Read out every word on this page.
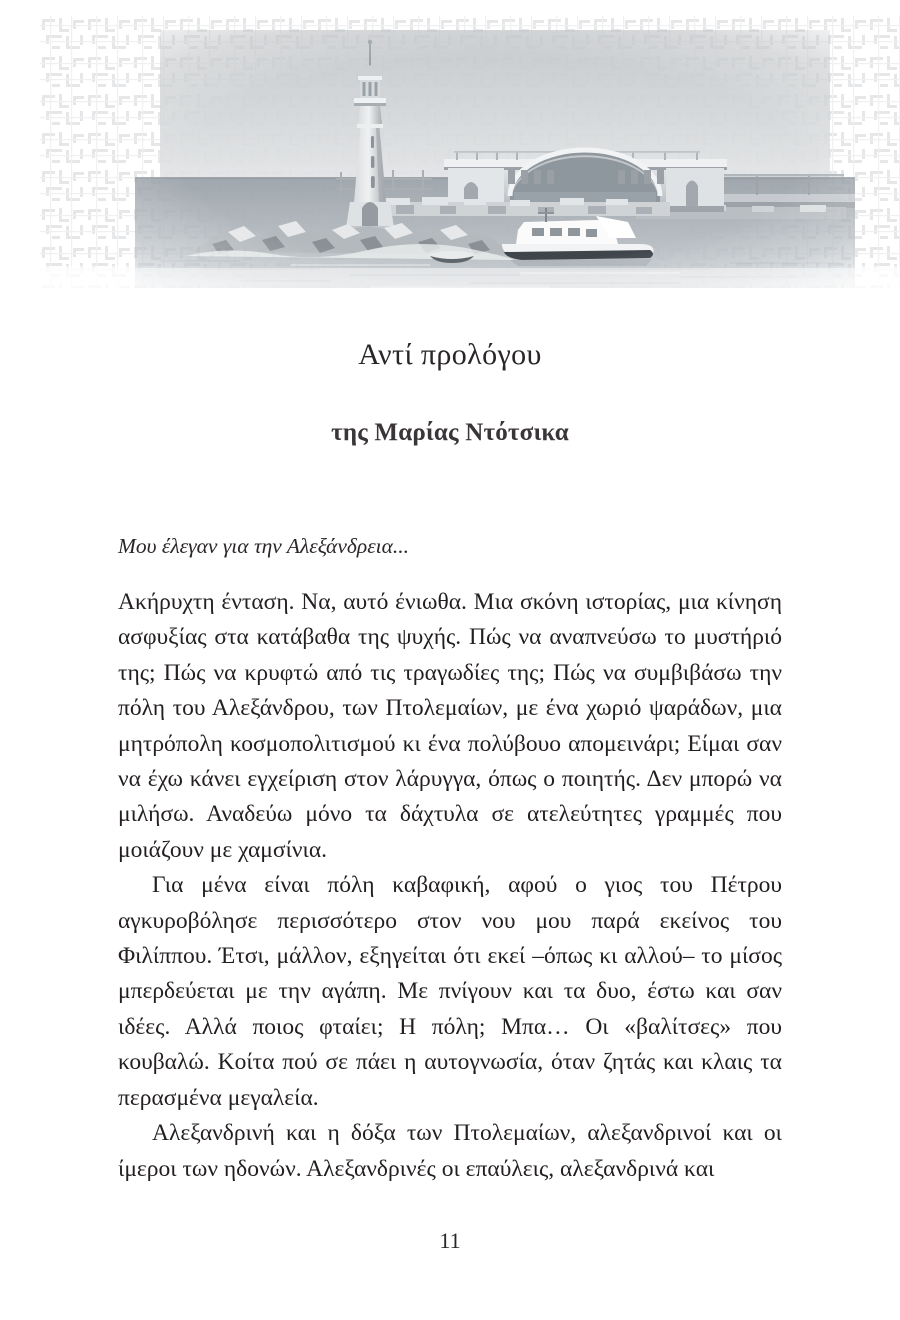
Αντί προλόγου
της Μαρίας Ντότσικα

Μου έλεγαν για την Αλεξάνδρεια...

Ακήρυχτη ένταση. Να, αυτό ένιωθα. Μια σκόνη ιστορίας, μια κίνηση ασφυξίας στα κατάβαθα της ψυχής. Πώς να αναπνεύσω το μυστήριό της; Πώς να κρυφτώ από τις τραγωδίες της; Πώς να συμβιβάσω την πόλη του Αλεξάνδρου, των Πτολεμαίων, με ένα χωριό ψαράδων, μια μητρόπολη κοσμοπολιτισμού κι ένα πολύβουο απομεινάρι; Είμαι σαν να έχω κάνει εγχείριση στον λάρυγγα, όπως ο ποιητής. Δεν μπορώ να μιλήσω. Αναδεύω μόνο τα δάχτυλα σε ατελεύτητες γραμμές που μοιάζουν με χαμσίνια.

Για μένα είναι πόλη καβαφική, αφού ο γιος του Πέτρου αγκυροβόλησε περισσότερο στον νου μου παρά εκείνος του Φιλίππου. Έτσι, μάλλον, εξηγείται ότι εκεί –όπως κι αλλού– το μίσος μπερδεύεται με την αγάπη. Με πνίγουν και τα δυο, έστω και σαν ιδέες. Αλλά ποιος φταίει; Η πόλη; Μπα… Οι «βαλίτσες» που κουβαλώ. Κοίτα πού σε πάει η αυτογνωσία, όταν ζητάς και κλαις τα περασμένα μεγαλεία.

Αλεξανδρινή και η δόξα των Πτολεμαίων, αλεξανδρινοί και οι ίμεροι των ηδονών. Αλεξανδρινές οι επαύλεις, αλεξανδρινά και

11
